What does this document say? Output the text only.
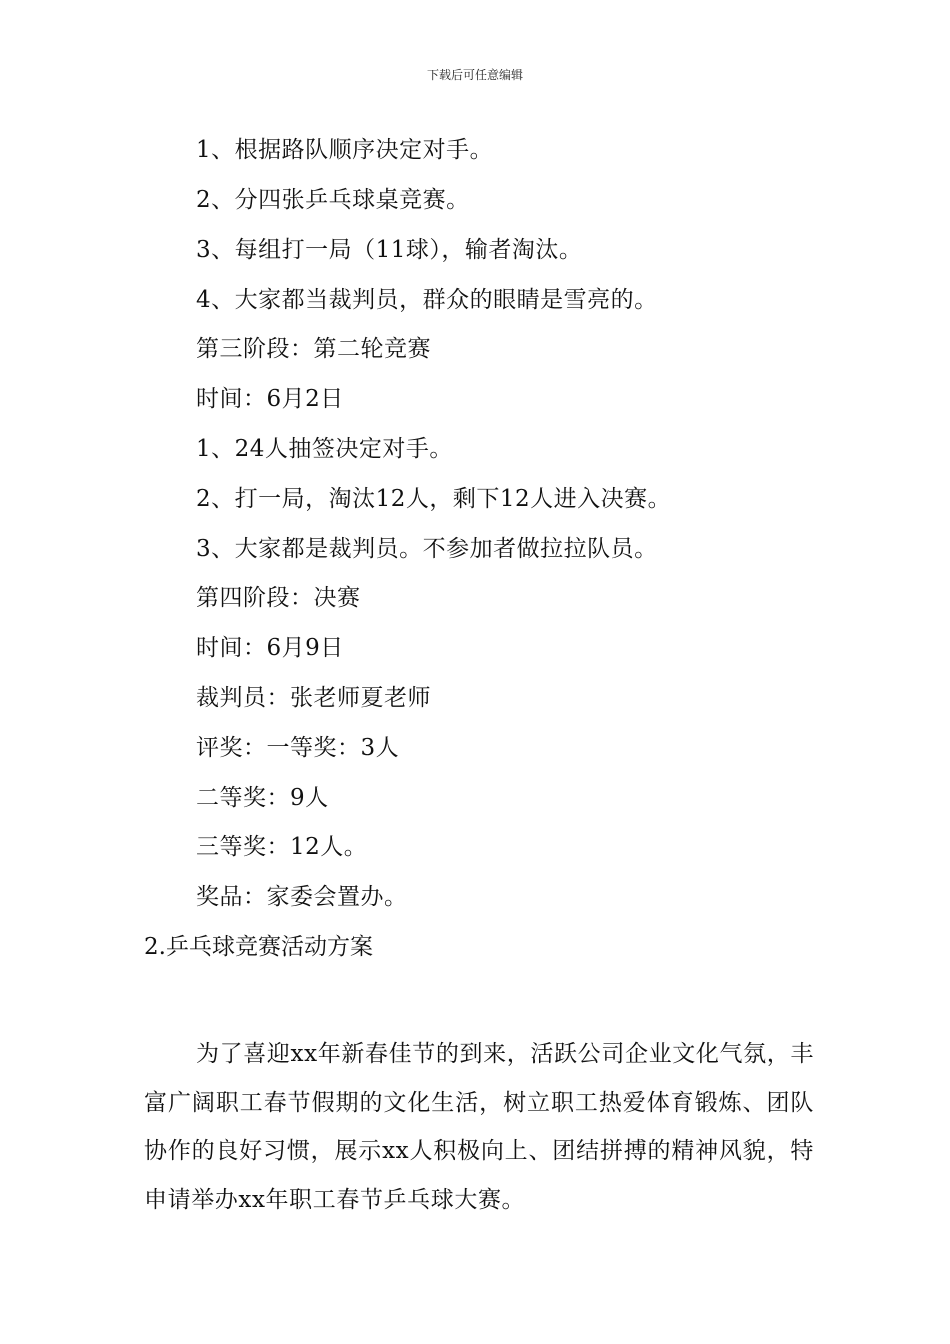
下载后可任意编辑
1、根据路队顺序决定对手。
2、分四张乒乓球桌竞赛。
3、每组打一局（11球），输者淘汰。
4、大家都当裁判员，群众的眼睛是雪亮的。
第三阶段：第二轮竞赛
时间：6月2日
1、24人抽签决定对手。
2、打一局，淘汰12人，剩下12人进入决赛。
3、大家都是裁判员。不参加者做拉拉队员。
第四阶段：决赛
时间：6月9日
裁判员：张老师夏老师
评奖：一等奖：3人
二等奖：9人
三等奖：12人。
奖品：家委会置办。
2.乒乓球竞赛活动方案
为了喜迎xx年新春佳节的到来，活跃公司企业文化气氛，丰富广阔职工春节假期的文化生活，树立职工热爱体育锻炼、团队协作的良好习惯，展示xx人积极向上、团结拼搏的精神风貌，特申请举办xx年职工春节乒乓球大赛。
